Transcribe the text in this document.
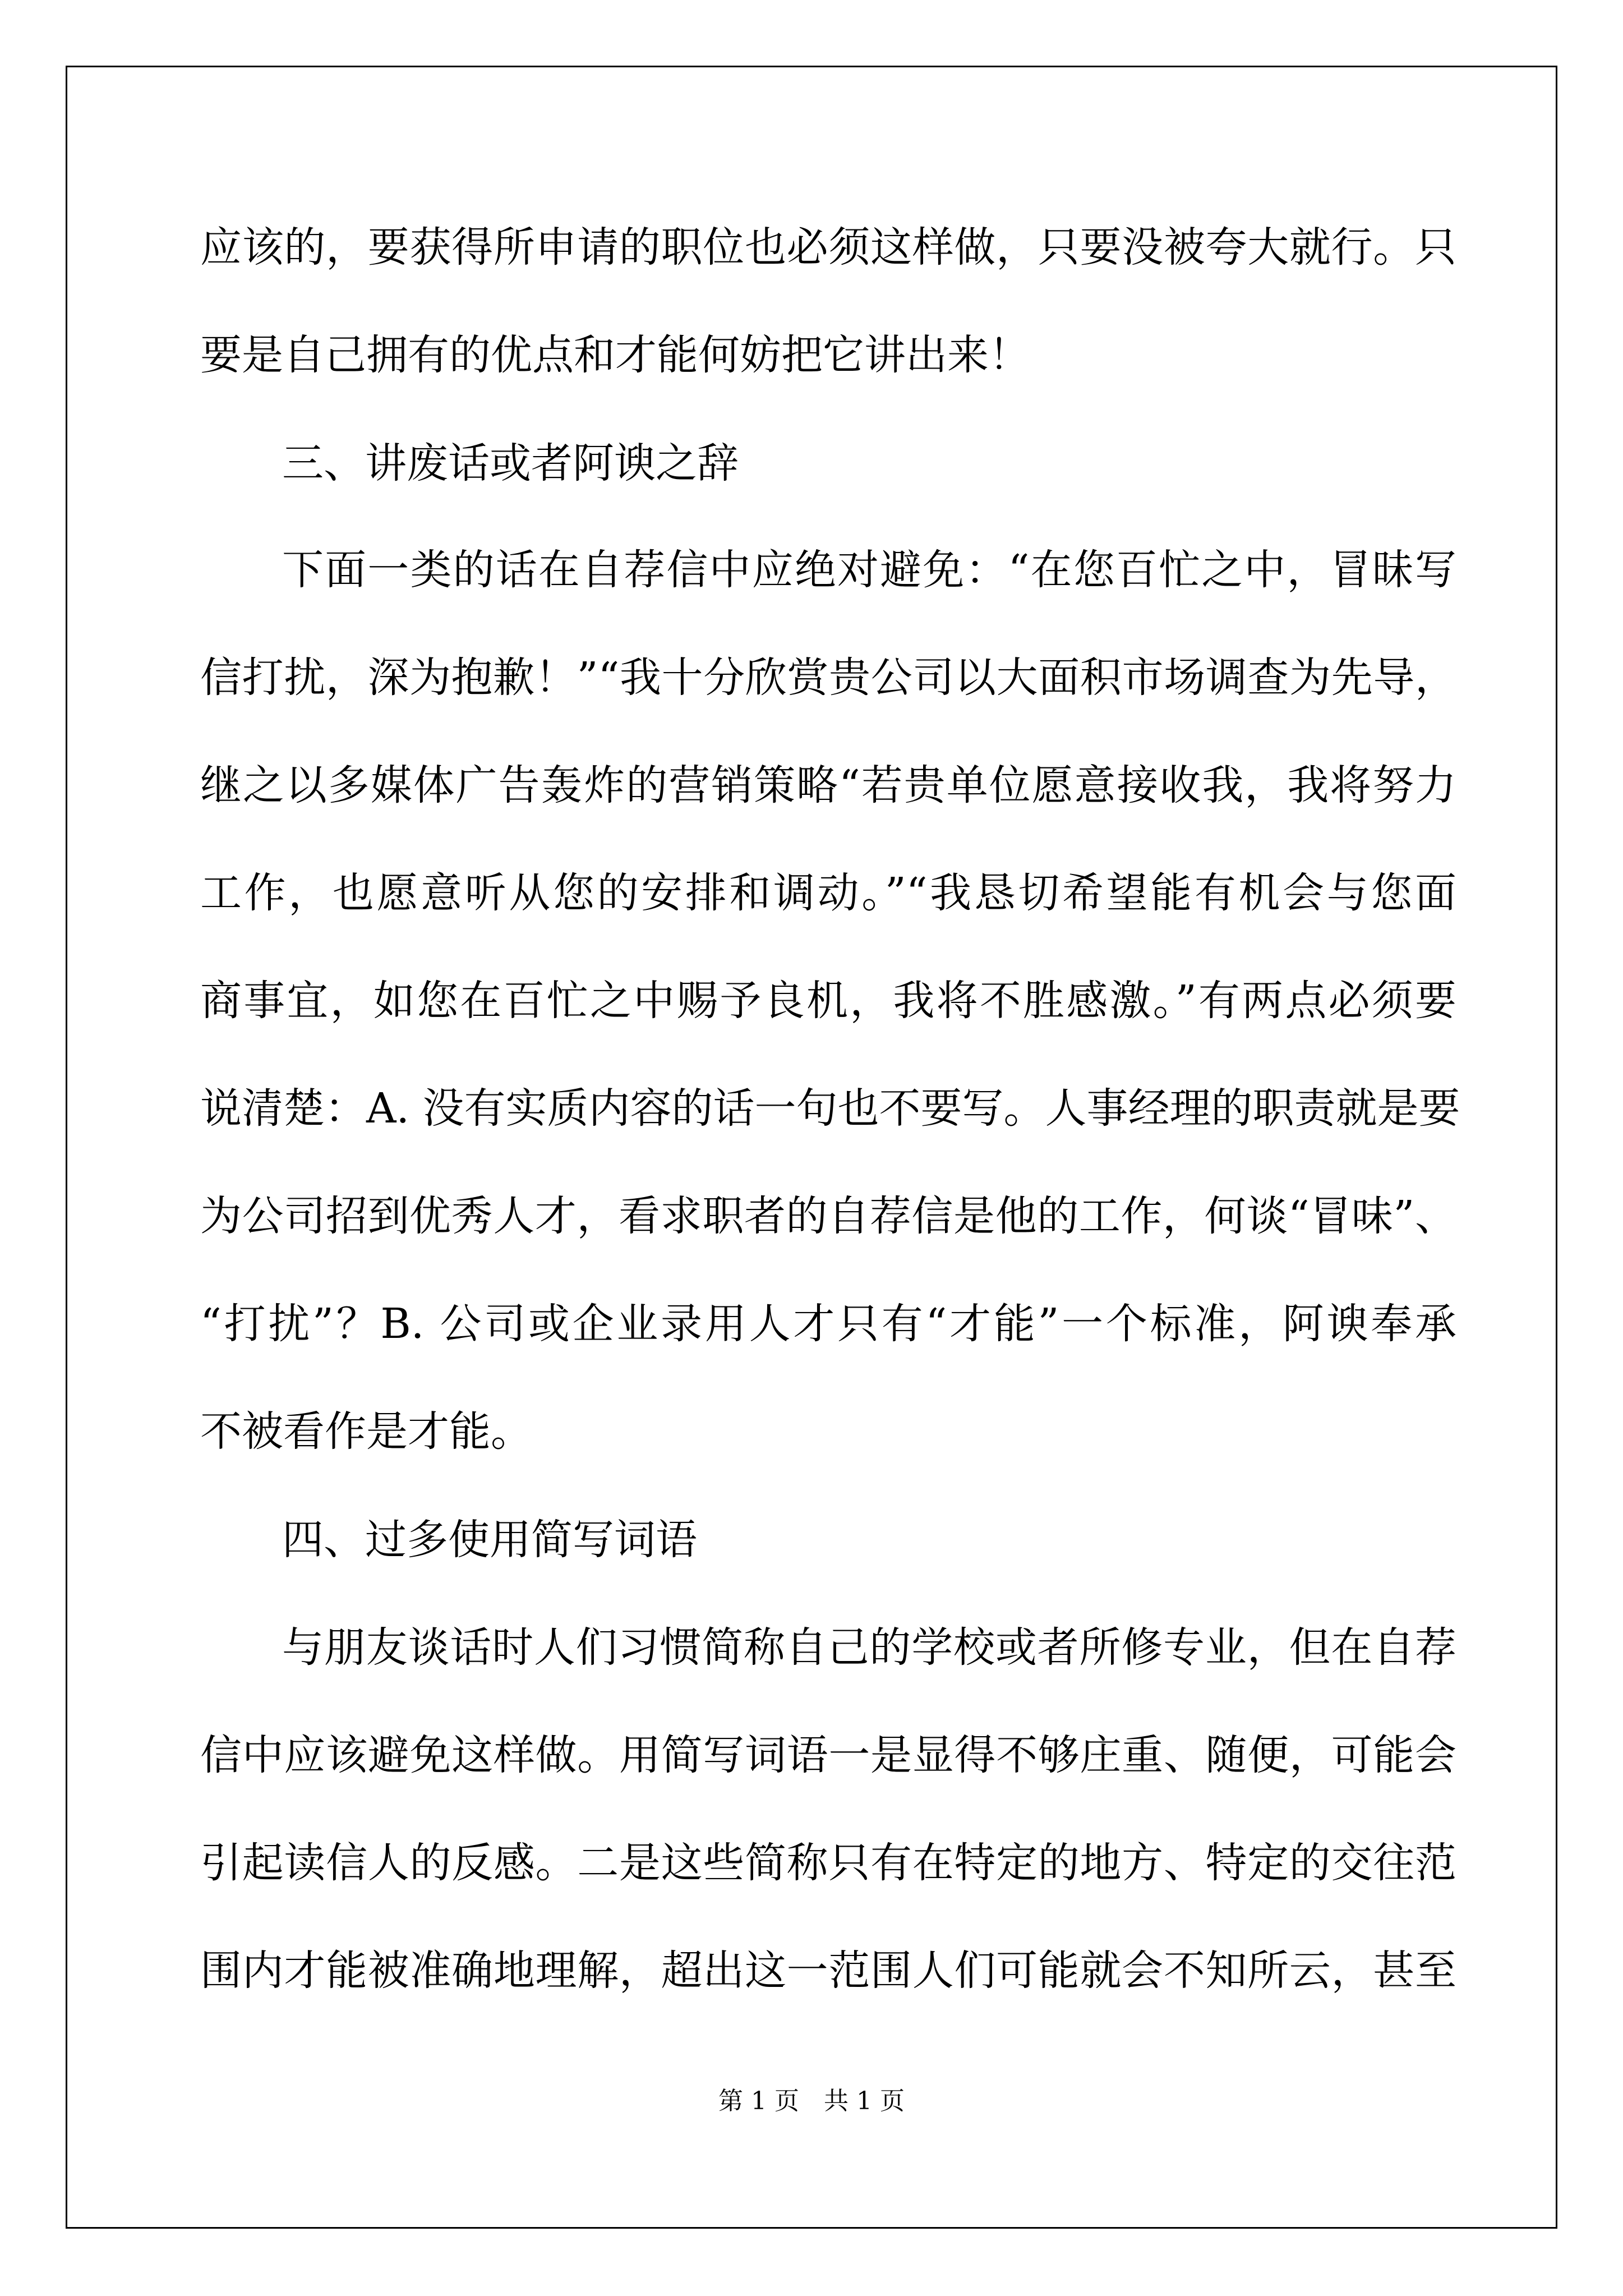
应该的，要获得所申请的职位也必须这样做，只要没被夸大就行。只

要是自己拥有的优点和才能何妨把它讲出来！

三、讲废话或者阿谀之辞

下面一类的话在自荐信中应绝对避免：“在您百忙之中，冒昧写

信打扰，深为抱歉！”“我十分欣赏贵公司以大面积市场调查为先导，

继之以多媒体广告轰炸的营销策略“若贵单位愿意接收我，我将努力

工作，也愿意听从您的安排和调动。”“我恳切希望能有机会与您面

商事宜，如您在百忙之中赐予良机，我将不胜感激。”有两点必须要

说清楚：A. 没有实质内容的话一句也不要写。人事经理的职责就是要

为公司招到优秀人才，看求职者的自荐信是他的工作，何谈“冒味”、

“打扰”？B. 公司或企业录用人才只有“才能”一个标准，阿谀奉承

不被看作是才能。

四、过多使用简写词语

与朋友谈话时人们习惯简称自己的学校或者所修专业，但在自荐

信中应该避免这样做。用简写词语一是显得不够庄重、随便，可能会

引起读信人的反感。二是这些简称只有在特定的地方、特定的交往范

围内才能被准确地理解，超出这一范围人们可能就会不知所云，甚至

第 1 页　共 1 页
